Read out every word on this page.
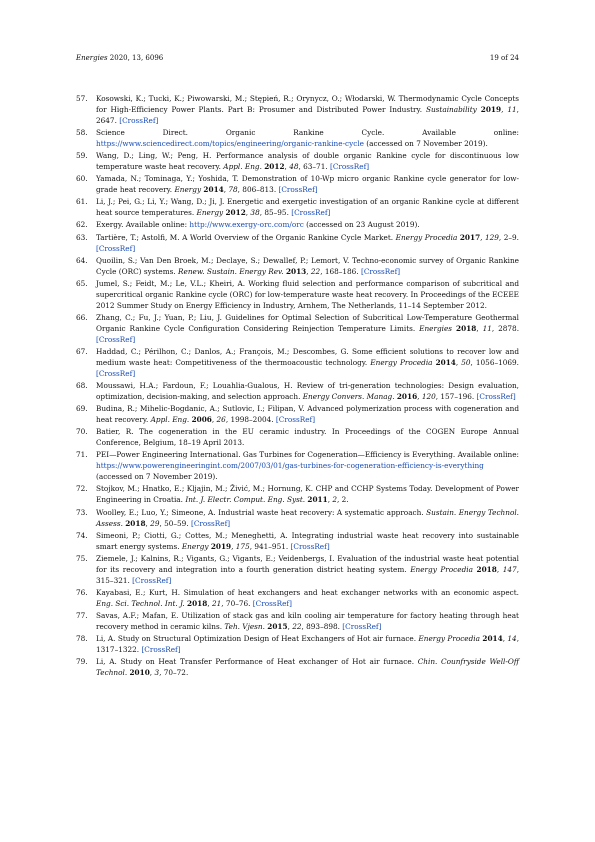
Energies 2020, 13, 6096	19 of 24

57. Kosowski, K.; Tucki, K.; Piwowarski, M.; Stępień, R.; Orynycz, O.; Włodarski, W. Thermodynamic Cycle Concepts for High-Efficiency Power Plants. Part B: Prosumer and Distributed Power Industry. Sustainability 2019, 11, 2647. [CrossRef]

58. Science Direct. Organic Rankine Cycle. Available online: https://www.sciencedirect.com/topics/engineering/organic-rankine-cycle (accessed on 7 November 2019).

59. Wang, D.; Ling, W.; Peng, H. Performance analysis of double organic Rankine cycle for discontinuous low temperature waste heat recovery. Appl. Eng. 2012, 48, 63–71. [CrossRef]

60. Yamada, N.; Tominaga, Y.; Yoshida, T. Demonstration of 10-Wp micro organic Rankine cycle generator for low-grade heat recovery. Energy 2014, 78, 806–813. [CrossRef]

61. Li, J.; Pei, G.; Li, Y.; Wang, D.; Ji, J. Energetic and exergetic investigation of an organic Rankine cycle at different heat source temperatures. Energy 2012, 38, 85–95. [CrossRef]

62. Exergy. Available online: http://www.exergy-orc.com/orc (accessed on 23 August 2019).

63. Tartière, T.; Astolfi, M. A World Overview of the Organic Rankine Cycle Market. Energy Procedia 2017, 129, 2–9. [CrossRef]

64. Quoilin, S.; Van Den Broek, M.; Declaye, S.; Dewallef, P.; Lemort, V. Techno-economic survey of Organic Rankine Cycle (ORC) systems. Renew. Sustain. Energy Rev. 2013, 22, 168–186. [CrossRef]

65. Jumel, S.; Feidt, M.; Le, V.L.; Kheiri, A. Working fluid selection and performance comparison of subcritical and supercritical organic Rankine cycle (ORC) for low-temperature waste heat recovery. In Proceedings of the ECEEE 2012 Summer Study on Energy Efficiency in Industry, Arnhem, The Netherlands, 11–14 September 2012.

66. Zhang, C.; Fu, J.; Yuan, P.; Liu, J. Guidelines for Optimal Selection of Subcritical Low-Temperature Geothermal Organic Rankine Cycle Configuration Considering Reinjection Temperature Limits. Energies 2018, 11, 2878. [CrossRef]

67. Haddad, C.; Périlhon, C.; Danlos, A.; François, M.; Descombes, G. Some efficient solutions to recover low and medium waste heat: Competitiveness of the thermoacoustic technology. Energy Procedia 2014, 50, 1056–1069. [CrossRef]

68. Moussawi, H.A.; Fardoun, F.; Louahlia-Gualous, H. Review of tri-generation technologies: Design evaluation, optimization, decision-making, and selection approach. Energy Convers. Manag. 2016, 120, 157–196. [CrossRef]

69. Budina, R.; Mihelic-Bogdanic, A.; Sutlovic, I.; Filipan, V. Advanced polymerization process with cogeneration and heat recovery. Appl. Eng. 2006, 26, 1998–2004. [CrossRef]

70. Batier, R. The cogeneration in the EU ceramic industry. In Proceedings of the COGEN Europe Annual Conference, Belgium, 18–19 April 2013.

71. PEI—Power Engineering International. Gas Turbines for Cogeneration—Efficiency is Everything. Available online: https://www.powerengineeringint.com/2007/03/01/gas-turbines-for-cogeneration-efficiency-is-everything (accessed on 7 November 2019).

72. Stojkov, M.; Hnatko, E.; Kljajin, M.; Živić, M.; Hornung, K. CHP and CCHP Systems Today. Development of Power Engineering in Croatia. Int. J. Electr. Comput. Eng. Syst. 2011, 2, 2.

73. Woolley, E.; Luo, Y.; Simeone, A. Industrial waste heat recovery: A systematic approach. Sustain. Energy Technol. Assess. 2018, 29, 50–59. [CrossRef]

74. Simeoni, P.; Ciotti, G.; Cottes, M.; Meneghetti, A. Integrating industrial waste heat recovery into sustainable smart energy systems. Energy 2019, 175, 941–951. [CrossRef]

75. Ziemele, J.; Kalnins, R.; Vigants, G.; Vigants, E.; Veidenbergs, I. Evaluation of the industrial waste heat potential for its recovery and integration into a fourth generation district heating system. Energy Procedia 2018, 147, 315–321. [CrossRef]

76. Kayabasi, E.; Kurt, H. Simulation of heat exchangers and heat exchanger networks with an economic aspect. Eng. Sci. Technol. Int. J. 2018, 21, 70–76. [CrossRef]

77. Savas, A.F.; Mafan, E. Utilization of stack gas and kiln cooling air temperature for factory heating through heat recovery method in ceramic kilns. Teh. Vjesn. 2015, 22, 893–898. [CrossRef]

78. Li, A. Study on Structural Optimization Design of Heat Exchangers of Hot air furnace. Energy Procedia 2014, 14, 1317–1322. [CrossRef]

79. Li, A. Study on Heat Transfer Performance of Heat exchanger of Hot air furnace. Chin. Counfryside Well-Off Technol. 2010, 3, 70–72.
